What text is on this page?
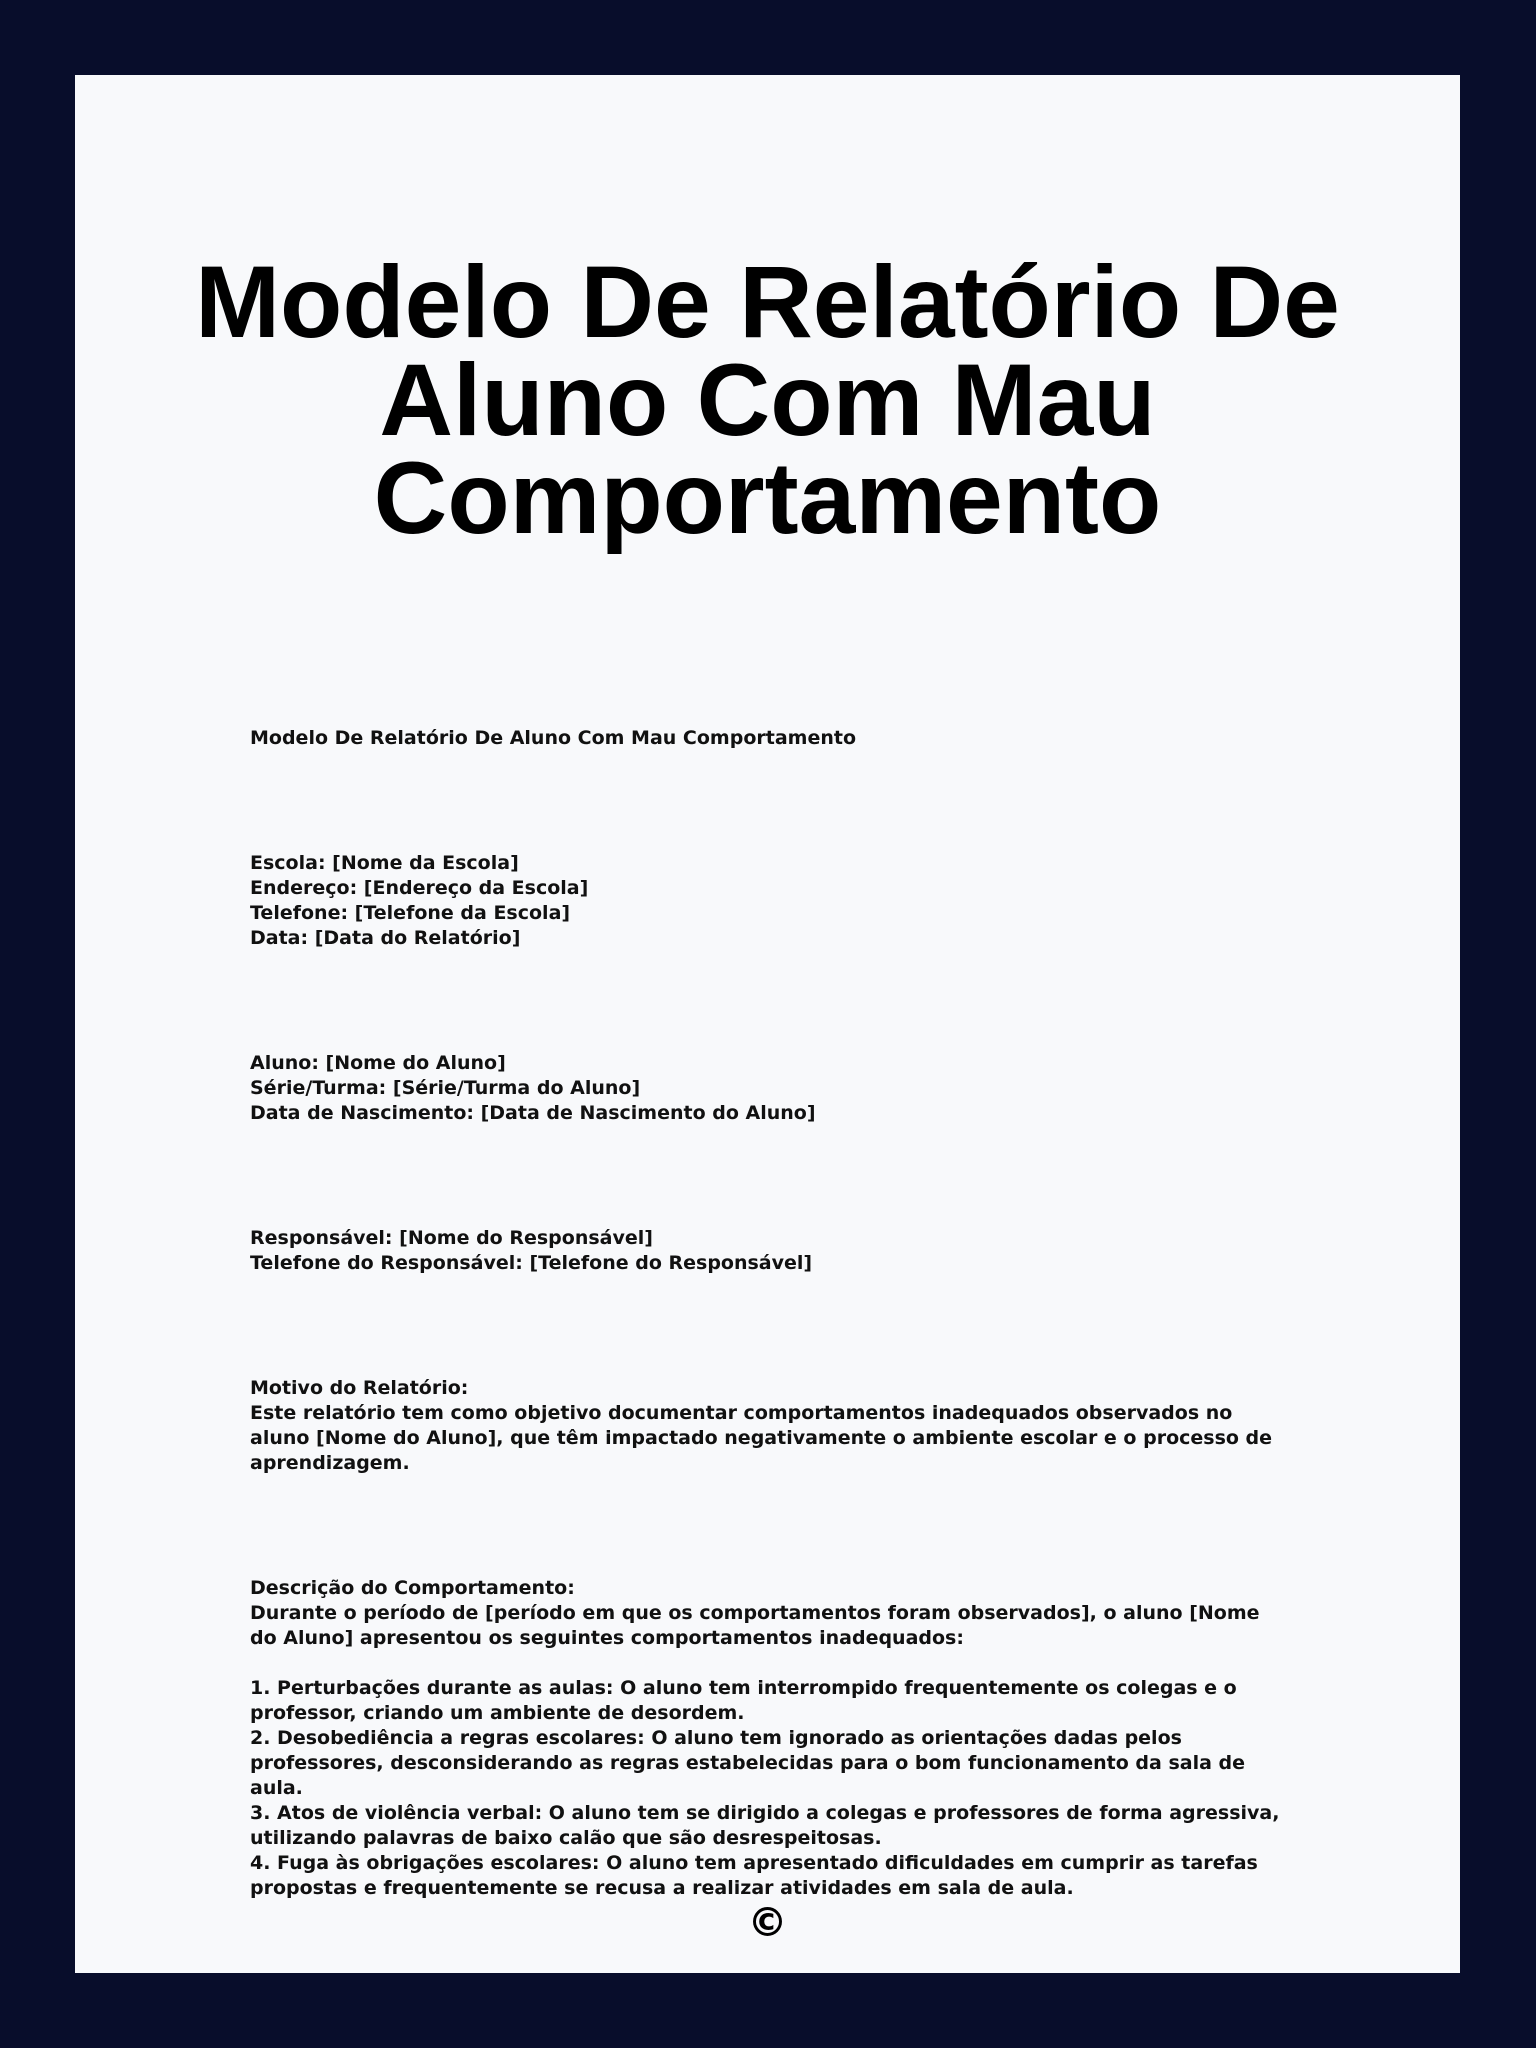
Modelo De Relatório De Aluno Com Mau Comportamento
Modelo De Relatório De Aluno Com Mau Comportamento
Escola: [Nome da Escola]
Endereço: [Endereço da Escola]
Telefone: [Telefone da Escola]
Data: [Data do Relatório]
Aluno: [Nome do Aluno]
Série/Turma: [Série/Turma do Aluno]
Data de Nascimento: [Data de Nascimento do Aluno]
Responsável: [Nome do Responsável]
Telefone do Responsável: [Telefone do Responsável]
Motivo do Relatório:
Este relatório tem como objetivo documentar comportamentos inadequados observados no aluno [Nome do Aluno], que têm impactado negativamente o ambiente escolar e o processo de aprendizagem.
Descrição do Comportamento:
Durante o período de [período em que os comportamentos foram observados], o aluno [Nome do Aluno] apresentou os seguintes comportamentos inadequados:
1. Perturbações durante as aulas: O aluno tem interrompido frequentemente os colegas e o professor, criando um ambiente de desordem.
2. Desobediência a regras escolares: O aluno tem ignorado as orientações dadas pelos professores, desconsiderando as regras estabelecidas para o bom funcionamento da sala de aula.
3. Atos de violência verbal: O aluno tem se dirigido a colegas e professores de forma agressiva, utilizando palavras de baixo calão que são desrespeitosas.
4. Fuga às obrigações escolares: O aluno tem apresentado dificuldades em cumprir as tarefas propostas e frequentemente se recusa a realizar atividades em sala de aula.
©
